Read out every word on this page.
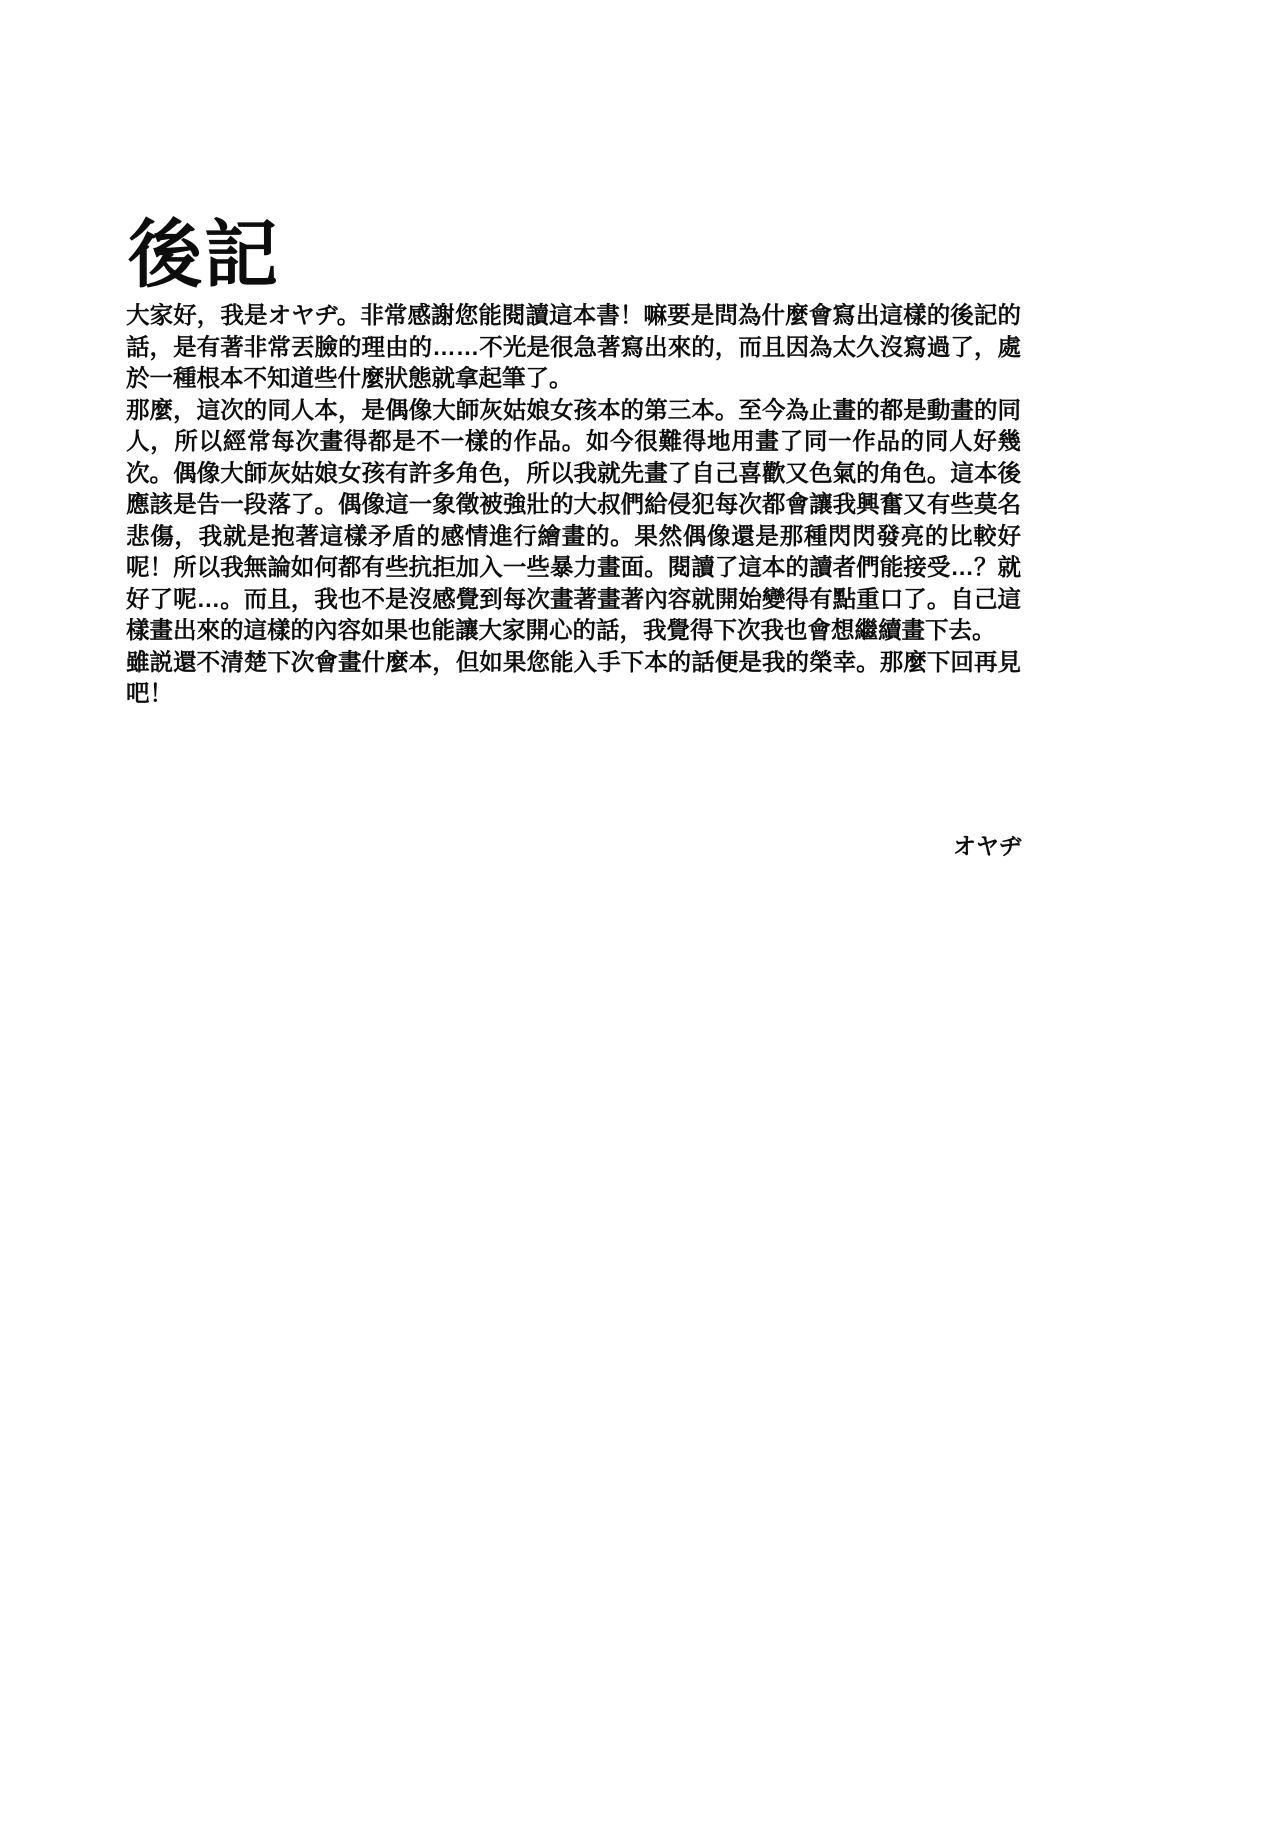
後記

大家好，我是オヤヂ。非常感謝您能閱讀這本書！嘛要是問為什麼會寫出這樣的後記的話，是有著非常丟臉的理由的……不光是很急著寫出來的，而且因為太久沒寫過了，處於一種根本不知道些什麼狀態就拿起筆了。

那麼，這次的同人本，是偶像大師灰姑娘女孩本的第三本。至今為止畫的都是動畫的同人，所以經常每次畫得都是不一樣的作品。如今很難得地用畫了同一作品的同人好幾次。偶像大師灰姑娘女孩有許多角色，所以我就先畫了自己喜歡又色氣的角色。這本後應該是告一段落了。偶像這一象徵被強壯的大叔們給侵犯每次都會讓我興奮又有些莫名悲傷，我就是抱著這樣矛盾的感情進行繪畫的。果然偶像還是那種閃閃發亮的比較好呢！所以我無論如何都有些抗拒加入一些暴力畫面。閱讀了這本的讀者們能接受…？就好了呢…。而且，我也不是沒感覺到每次畫著畫著內容就開始變得有點重口了。自己這樣畫出來的這樣的內容如果也能讓大家開心的話，我覺得下次我也會想繼續畫下去。

雖説還不清楚下次會畫什麼本，但如果您能入手下本的話便是我的榮幸。那麼下回再見吧！

オヤヂ
